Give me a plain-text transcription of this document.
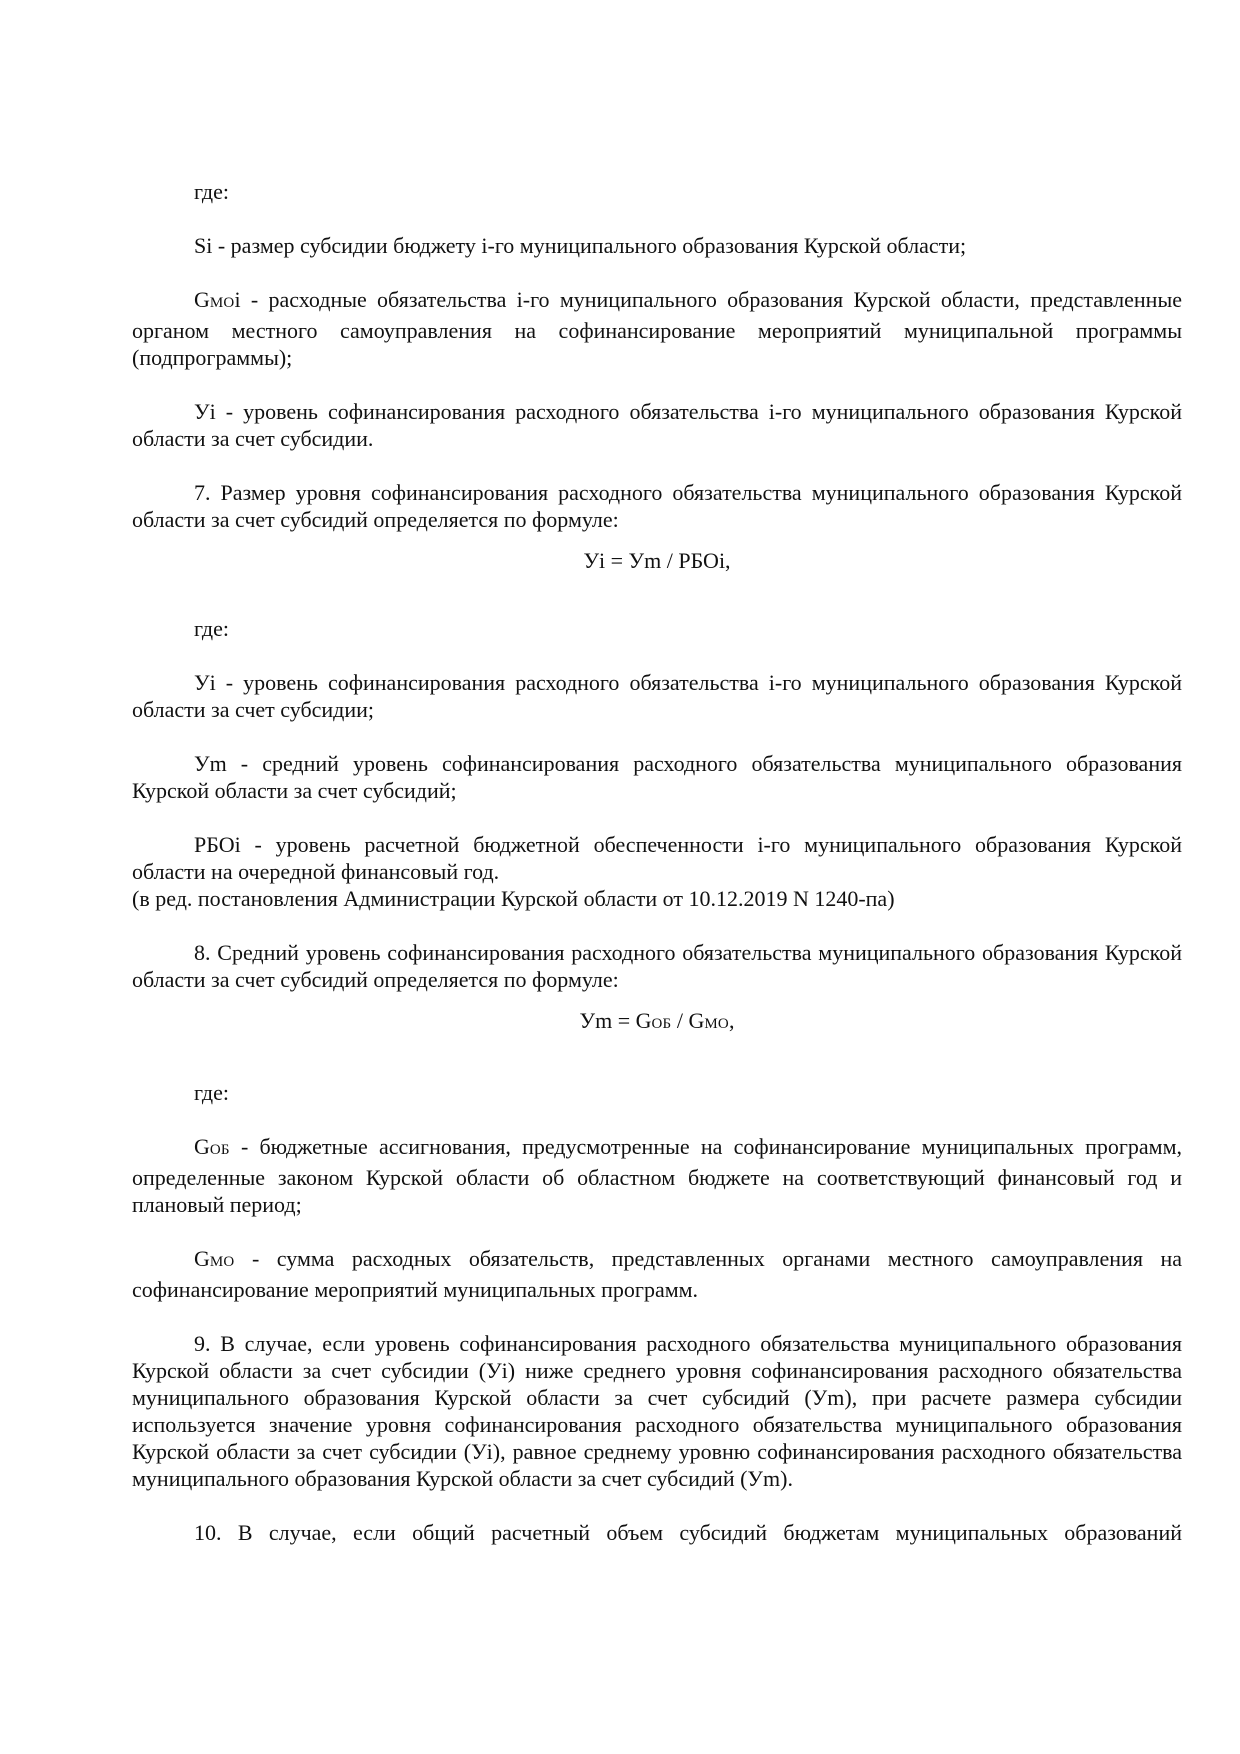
где:

Si - размер субсидии бюджету i-го муниципального образования Курской области;

GМОi - расходные обязательства i-го муниципального образования Курской области, представленные органом местного самоуправления на софинансирование мероприятий муниципальной программы (подпрограммы);

Уi - уровень софинансирования расходного обязательства i-го муниципального образования Курской области за счет субсидии.

7. Размер уровня софинансирования расходного обязательства муниципального образования Курской области за счет субсидий определяется по формуле:

Уi = Уm / РБОi,

где:

Уi - уровень софинансирования расходного обязательства i-го муниципального образования Курской области за счет субсидии;

Уm - средний уровень софинансирования расходного обязательства муниципального образования Курской области за счет субсидий;

РБОi - уровень расчетной бюджетной обеспеченности i-го муниципального образования Курской области на очередной финансовый год.

(в ред. постановления Администрации Курской области от 10.12.2019 N 1240-па)

8. Средний уровень софинансирования расходного обязательства муниципального образования Курской области за счет субсидий определяется по формуле:

Уm = GОБ / GМО,

где:

GОБ - бюджетные ассигнования, предусмотренные на софинансирование муниципальных программ, определенные законом Курской области об областном бюджете на соответствующий финансовый год и плановый период;

GМО - сумма расходных обязательств, представленных органами местного самоуправления на софинансирование мероприятий муниципальных программ.

9. В случае, если уровень софинансирования расходного обязательства муниципального образования Курской области за счет субсидии (Уi) ниже среднего уровня софинансирования расходного обязательства муниципального образования Курской области за счет субсидий (Уm), при расчете размера субсидии используется значение уровня софинансирования расходного обязательства муниципального образования Курской области за счет субсидии (Уi), равное среднему уровню софинансирования расходного обязательства муниципального образования Курской области за счет субсидий (Уm).

10. В случае, если общий расчетный объем субсидий бюджетам муниципальных образований
